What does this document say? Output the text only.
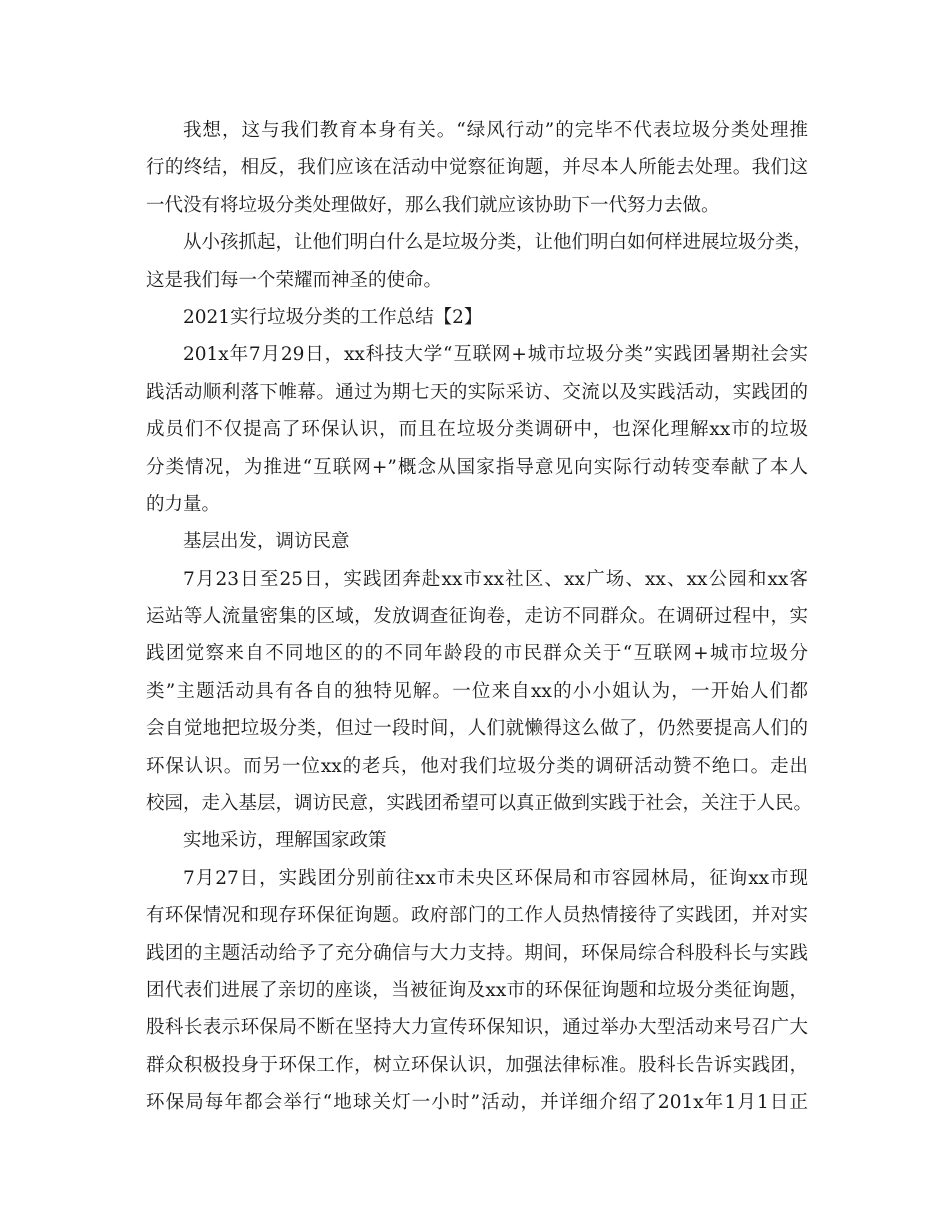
我想，这与我们教育本身有关。“绿风行动”的完毕不代表垃圾分类处理推
行的终结，相反，我们应该在活动中觉察征询题，并尽本人所能去处理。我们这
一代没有将垃圾分类处理做好，那么我们就应该协助下一代努力去做。
从小孩抓起，让他们明白什么是垃圾分类，让他们明白如何样进展垃圾分类，
这是我们每一个荣耀而神圣的使命。
2021实行垃圾分类的工作总结【2】
201x年7月29日，xx科技大学“互联网+城市垃圾分类”实践团暑期社会实
践活动顺利落下帷幕。通过为期七天的实际采访、交流以及实践活动，实践团的
成员们不仅提高了环保认识，而且在垃圾分类调研中，也深化理解xx市的垃圾
分类情况，为推进“互联网+”概念从国家指导意见向实际行动转变奉献了本人
的力量。
基层出发，调访民意
7月23日至25日，实践团奔赴xx市xx社区、xx广场、xx、xx公园和xx客
运站等人流量密集的区域，发放调查征询卷，走访不同群众。在调研过程中，实
践团觉察来自不同地区的的不同年龄段的市民群众关于“互联网+城市垃圾分
类”主题活动具有各自的独特见解。一位来自xx的小小姐认为，一开始人们都
会自觉地把垃圾分类，但过一段时间，人们就懒得这么做了，仍然要提高人们的
环保认识。而另一位xx的老兵，他对我们垃圾分类的调研活动赞不绝口。走出
校园，走入基层，调访民意，实践团希望可以真正做到实践于社会，关注于人民。
实地采访，理解国家政策
7月27日，实践团分别前往xx市未央区环保局和市容园林局，征询xx市现
有环保情况和现存环保征询题。政府部门的工作人员热情接待了实践团，并对实
践团的主题活动给予了充分确信与大力支持。期间，环保局综合科股科长与实践
团代表们进展了亲切的座谈，当被征询及xx市的环保征询题和垃圾分类征询题，
股科长表示环保局不断在坚持大力宣传环保知识，通过举办大型活动来号召广大
群众积极投身于环保工作，树立环保认识，加强法律标准。股科长告诉实践团，
环保局每年都会举行“地球关灯一小时”活动，并详细介绍了201x年1月1日正
